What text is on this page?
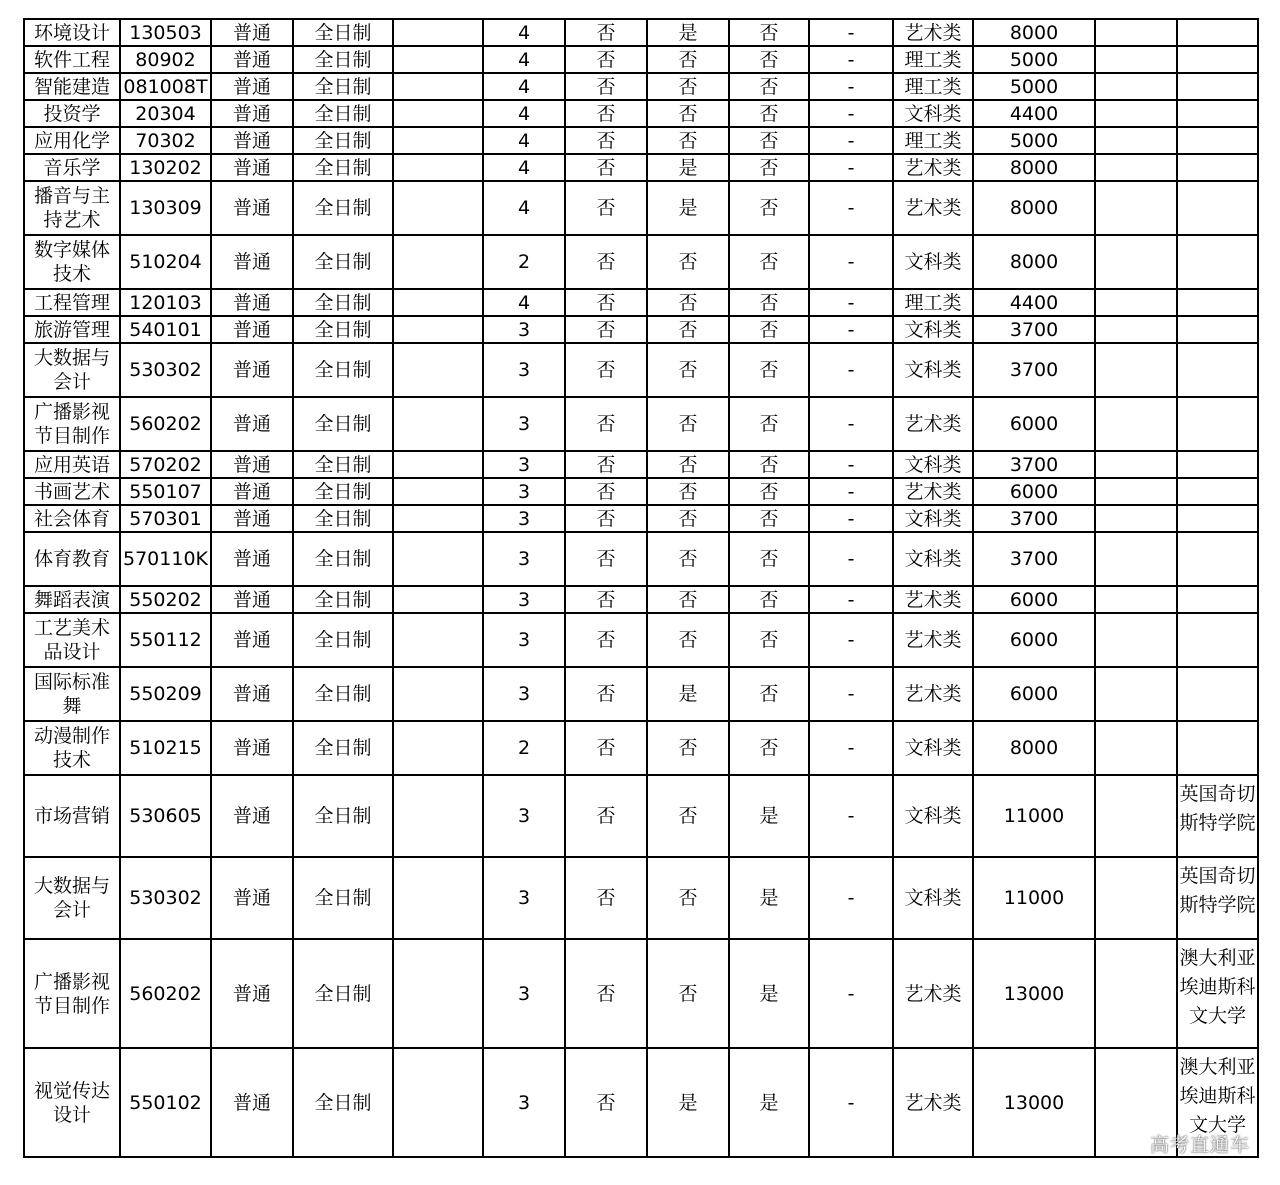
环境设计	130503	普通	全日制		4	否	是	否	-	艺术类	8000		
软件工程	80902	普通	全日制		4	否	否	否	-	理工类	5000		
智能建造	081008T	普通	全日制		4	否	否	否	-	理工类	5000		
投资学	20304	普通	全日制		4	否	否	否	-	文科类	4400		
应用化学	70302	普通	全日制		4	否	否	否	-	理工类	5000		
音乐学	130202	普通	全日制		4	否	是	否	-	艺术类	8000		
播音与主持艺术	130309	普通	全日制		4	否	是	否	-	艺术类	8000		
数字媒体技术	510204	普通	全日制		2	否	否	否	-	文科类	8000		
工程管理	120103	普通	全日制		4	否	否	否	-	理工类	4400		
旅游管理	540101	普通	全日制		3	否	否	否	-	文科类	3700		
大数据与会计	530302	普通	全日制		3	否	否	否	-	文科类	3700		
广播影视节目制作	560202	普通	全日制		3	否	否	否	-	艺术类	6000		
应用英语	570202	普通	全日制		3	否	否	否	-	文科类	3700		
书画艺术	550107	普通	全日制		3	否	否	否	-	艺术类	6000		
社会体育	570301	普通	全日制		3	否	否	否	-	文科类	3700		
体育教育	570110K	普通	全日制		3	否	否	否	-	文科类	3700		
舞蹈表演	550202	普通	全日制		3	否	否	否	-	艺术类	6000		
工艺美术品设计	550112	普通	全日制		3	否	否	否	-	艺术类	6000		
国际标准舞	550209	普通	全日制		3	否	是	否	-	艺术类	6000		
动漫制作技术	510215	普通	全日制		2	否	否	否	-	文科类	8000		
市场营销	530605	普通	全日制		3	否	否	是	-	文科类	11000		英国奇切斯特学院
大数据与会计	530302	普通	全日制		3	否	否	是	-	文科类	11000		英国奇切斯特学院
广播影视节目制作	560202	普通	全日制		3	否	否	是	-	艺术类	13000		澳大利亚埃迪斯科文大学
视觉传达设计	550102	普通	全日制		3	否	是	是	-	艺术类	13000		澳大利亚埃迪斯科文大学
高考直通车
